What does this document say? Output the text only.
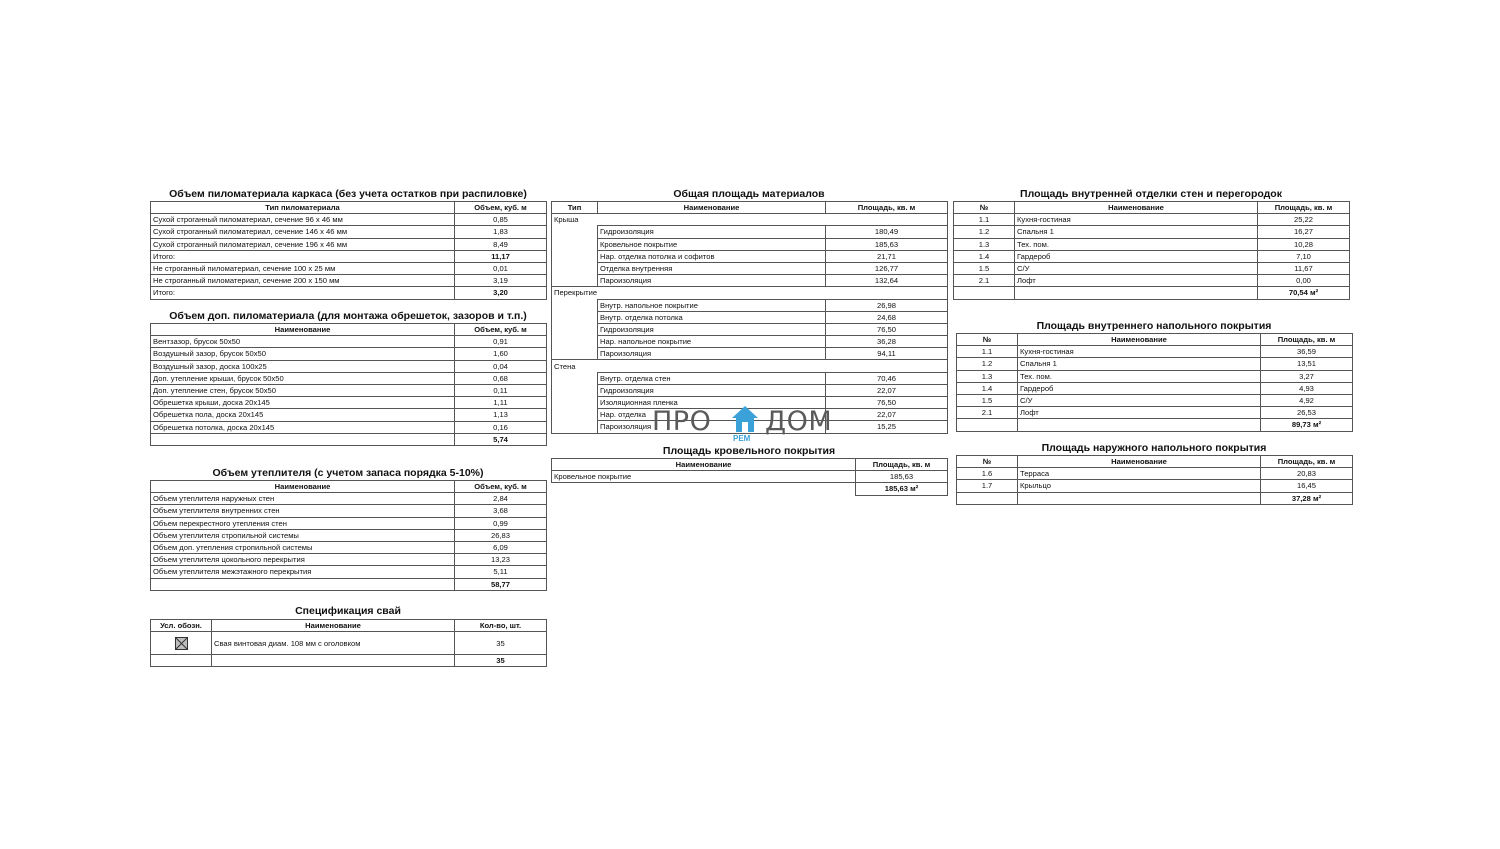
Объем пиломатериала каркаса (без учета остатков при распиловке)
Тип пиломатериала	Объем, куб. м
Сухой строганный пиломатериал, сечение 96 х 46 мм	0,85
Сухой строганный пиломатериал, сечение 146 х 46 мм	1,83
Сухой строганный пиломатериал, сечение 196 х 46 мм	8,49
Итого:	11,17
Не строганный пиломатериал, сечение 100 х 25 мм	0,01
Не строганный пиломатериал, сечение 200 х 150 мм	3,19
Итого:	3,20
Объем доп. пиломатериала (для монтажа обрешеток, зазоров и т.п.)
Наименование	Объем, куб. м
Вентзазор, брусок 50х50	0,91
Воздушный зазор, брусок 50х50	1,60
Воздушный зазор, доска 100х25	0,04
Доп. утепление крыши, брусок 50х50	0,68
Доп. утепление стен, брусок 50х50	0,11
Обрешетка крыши, доска 20х145	1,11
Обрешетка пола, доска 20х145	1,13
Обрешетка потолка, доска 20х145	0,16
	5,74
Объем утеплителя (с учетом запаса порядка 5-10%)
Наименование	Объем, куб. м
Объем утеплителя наружных стен	2,84
Объем утеплителя внутренних стен	3,68
Объем перекрестного утепления стен	0,99
Объем утеплителя стропильной системы	26,83
Объем доп. утепления стропильной системы	6,09
Объем утеплителя цокольного перекрытия	13,23
Объем утеплителя межэтажного перекрытия	5,11
	58,77
Спецификация свай
Усл. обозн.	Наименование	Кол-во, шт.
	Свая винтовая диам. 108 мм с оголовком	35
		35
Общая площадь материалов
Тип	Наименование	Площадь, кв. м
Крыша		
	Гидроизоляция	180,49
	Кровельное покрытие	185,63
	Нар. отделка потолка и софитов	21,71
	Отделка внутренняя	126,77
	Пароизоляция	132,64
Перекрытие		
	Внутр. напольное покрытие	26,98
	Внутр. отделка потолка	24,68
	Гидроизоляция	76,50
	Нар. напольное покрытие	36,28
	Пароизоляция	94,11
Стена		
	Внутр. отделка стен	70,46
	Гидроизоляция	22,07
	Изоляционная пленка	76,50
	Нар. отделка	22,07
	Пароизоляция	15,25
ПРО
РЕМ
ДОМ
Площадь кровельного покрытия
Наименование	Площадь, кв. м
Кровельное покрытие	185,63
	185,63 м²
Площадь внутренней отделки стен и перегородок
№	Наименование	Площадь, кв. м
1.1	Кухня-гостиная	25,22
1.2	Спальня 1	16,27
1.3	Тех. пом.	10,28
1.4	Гардероб	7,10
1.5	С/У	11,67
2.1	Лофт	0,00
		70,54 м²
Площадь внутреннего напольного покрытия
№	Наименование	Площадь, кв. м
1.1	Кухня-гостиная	36,59
1.2	Спальня 1	13,51
1.3	Тех. пом.	3,27
1.4	Гардероб	4,93
1.5	С/У	4,92
2.1	Лофт	26,53
		89,73 м²
Площадь наружного напольного покрытия
№	Наименование	Площадь, кв. м
1.6	Терраса	20,83
1.7	Крыльцо	16,45
		37,28 м²
